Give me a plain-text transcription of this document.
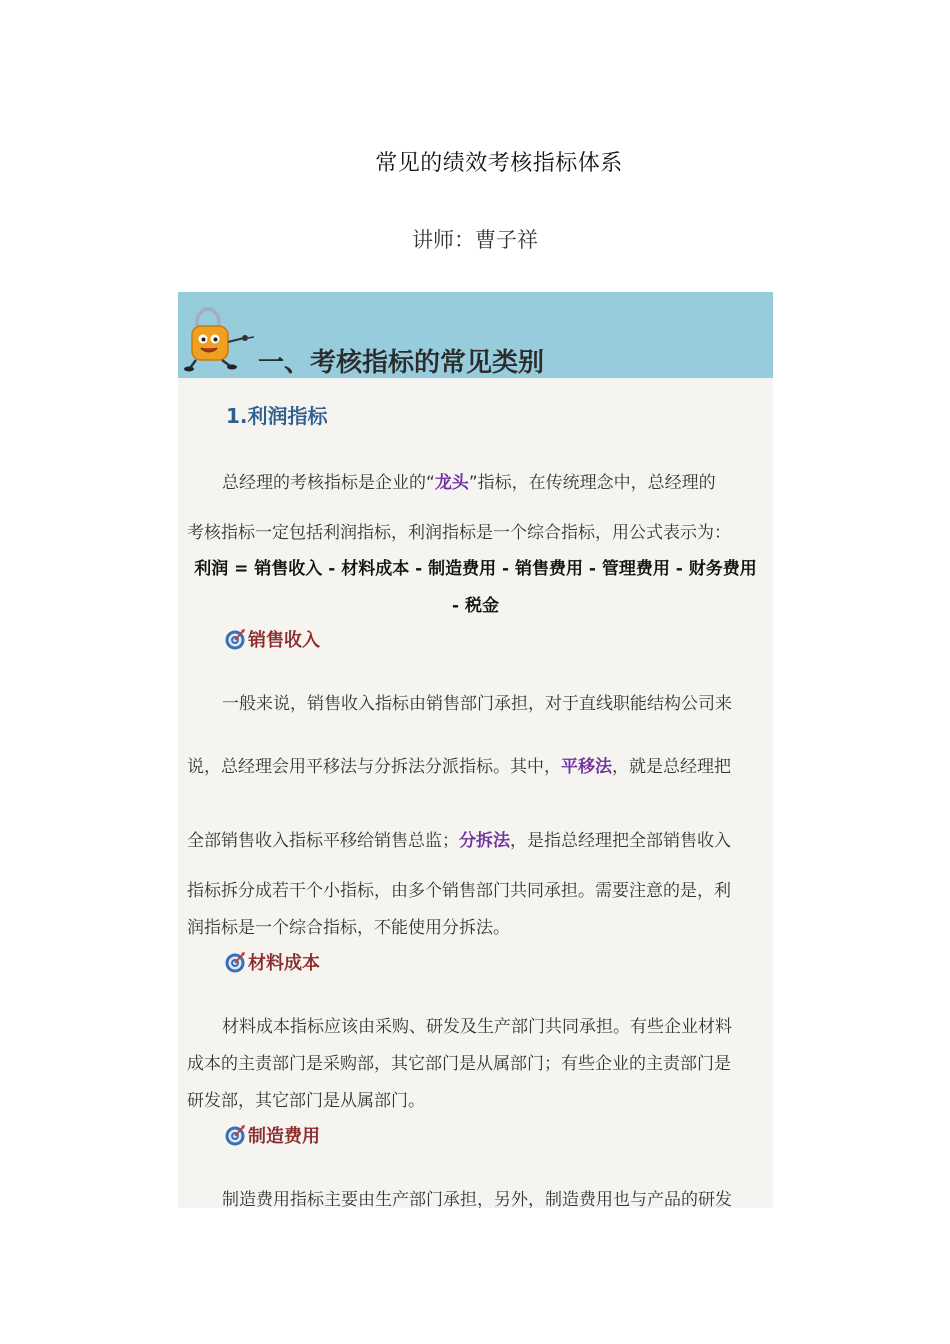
常见的绩效考核指标体系
讲师：曹子祥
一、考核指标的常见类别
1.利润指标
总经理的考核指标是企业的“龙头”指标，在传统理念中，总经理的
考核指标一定包括利润指标，利润指标是一个综合指标，用公式表示为：
利润 = 销售收入 - 材料成本 - 制造费用 - 销售费用 - 管理费用 - 财务费用
- 税金
销售收入
一般来说，销售收入指标由销售部门承担，对于直线职能结构公司来
说，总经理会用平移法与分拆法分派指标。其中，平移法，就是总经理把
全部销售收入指标平移给销售总监；分拆法，是指总经理把全部销售收入
指标拆分成若干个小指标，由多个销售部门共同承担。需要注意的是，利
润指标是一个综合指标，不能使用分拆法。
材料成本
材料成本指标应该由采购、研发及生产部门共同承担。有些企业材料
成本的主责部门是采购部，其它部门是从属部门；有些企业的主责部门是
研发部，其它部门是从属部门。
制造费用
制造费用指标主要由生产部门承担，另外，制造费用也与产品的研发
